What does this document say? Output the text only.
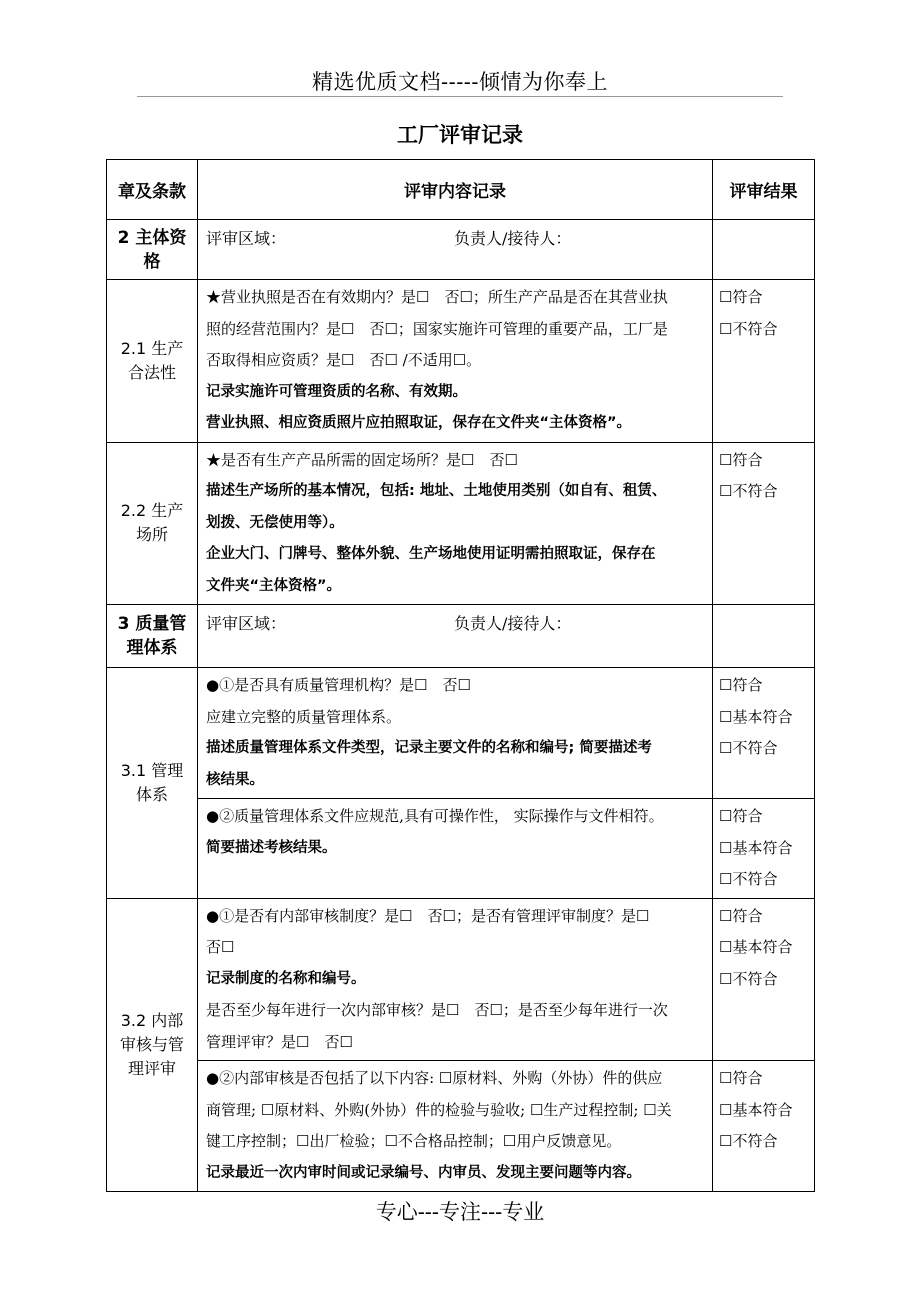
精选优质文档-----倾情为你奉上
工厂评审记录
章及条款	评审内容记录	评审结果
2 主体资格	评审区域： 负责人/接待人：	
2.1 生产合法性	★营业执照是否在有效期内？是☐　否☐；所生产产品是否在其营业执
照的经营范围内？是☐　否☐；国家实施许可管理的重要产品，工厂是
否取得相应资质？是☐　否☐ /不适用☐。
记录实施许可管理资质的名称、有效期。
营业执照、相应资质照片应拍照取证，保存在文件夹“主体资格”。	☐符合
☐不符合

2.2 生产场所	★是否有生产产品所需的固定场所？是☐　否☐
描述生产场所的基本情况，包括: 地址、土地使用类别（如自有、租赁、
划拨、无偿使用等）。
企业大门、门牌号、整体外貌、生产场地使用证明需拍照取证，保存在
文件夹“主体资格”。	☐符合
☐不符合

3 质量管理体系	评审区域： 负责人/接待人：	
3.1 管理体系	●①是否具有质量管理机构？是☐　否☐
应建立完整的质量管理体系。
描述质量管理体系文件类型，记录主要文件的名称和编号; 简要描述考
核结果。	☐符合
☐基本符合
☐不符合

	●②质量管理体系文件应规范,具有可操作性， 实际操作与文件相符。
简要描述考核结果。	☐符合
☐基本符合
☐不符合

3.2 内部审核与管理评审	●①是否有内部审核制度？是☐　否☐；是否有管理评审制度？是☐
否☐
记录制度的名称和编号。
是否至少每年进行一次内部审核？是☐　否☐；是否至少每年进行一次
管理评审？是☐　否☐	☐符合
☐基本符合
☐不符合

	●②内部审核是否包括了以下内容: ☐原材料、外购（外协）件的供应
商管理; ☐原材料、外购(外协）件的检验与验收; ☐生产过程控制; ☐关
键工序控制；☐出厂检验；☐不合格品控制；☐用户反馈意见。
记录最近一次内审时间或记录编号、内审员、发现主要问题等内容。	☐符合
☐基本符合
☐不符合
专心---专注---专业
